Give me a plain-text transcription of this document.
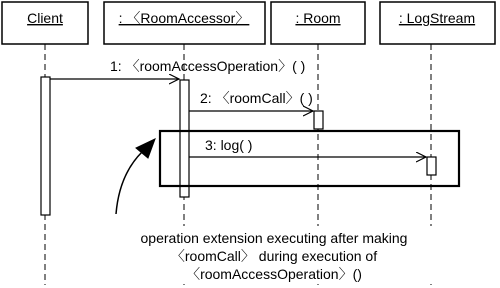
Client	: 〈RoomAccessor〉	: Room	: LogStream
1: 〈roomAccessOperation〉( )
2: 〈roomCall〉( )
3: log( )
operation extension executing after making
〈roomCall〉 during execution of
〈roomAccessOperation〉()
